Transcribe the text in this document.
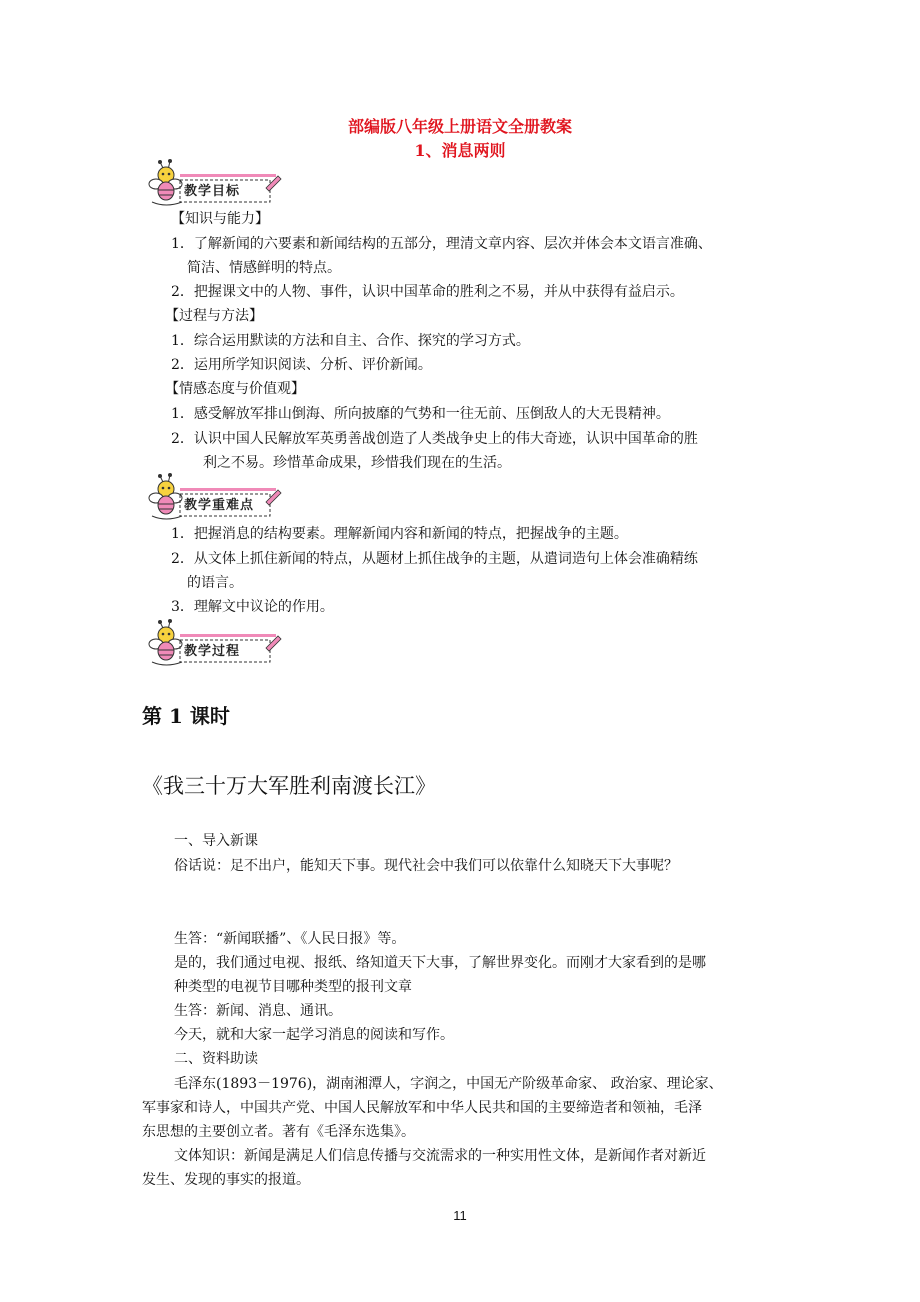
部编版八年级上册语文全册教案
1、消息两则
教学目标
【知识与能力】
1．了解新闻的六要素和新闻结构的五部分，理清文章内容、层次并体会本文语言准确、
简洁、情感鲜明的特点。
2．把握课文中的人物、事件，认识中国革命的胜利之不易，并从中获得有益启示。
【过程与方法】
1．综合运用默读的方法和自主、合作、探究的学习方式。
2．运用所学知识阅读、分析、评价新闻。
【情感态度与价值观】
1．感受解放军排山倒海、所向披靡的气势和一往无前、压倒敌人的大无畏精神。
2．认识中国人民解放军英勇善战创造了人类战争史上的伟大奇迹，认识中国革命的胜
利之不易。珍惜革命成果，珍惜我们现在的生活。
教学重难点
1．把握消息的结构要素。理解新闻内容和新闻的特点，把握战争的主题。
2．从文体上抓住新闻的特点，从题材上抓住战争的主题，从遣词造句上体会准确精练
的语言。
3．理解文中议论的作用。
教学过程
第 1 课时
《我三十万大军胜利南渡长江》
一、导入新课
俗话说：足不出户，能知天下事。现代社会中我们可以依靠什么知晓天下大事呢？
生答：“新闻联播”、《人民日报》等。
是的，我们通过电视、报纸、络知道天下大事，了解世界变化。而刚才大家看到的是哪
种类型的电视节目哪种类型的报刊文章
生答：新闻、消息、通讯。
今天，就和大家一起学习消息的阅读和写作。
二、资料助读
毛泽东(1893－1976)，湖南湘潭人，字润之，中国无产阶级革命家、 政治家、理论家、
军事家和诗人，中国共产党、中国人民解放军和中华人民共和国的主要缔造者和领袖，毛泽
东思想的主要创立者。著有《毛泽东选集》。
文体知识：新闻是满足人们信息传播与交流需求的一种实用性文体，是新闻作者对新近
发生、发现的事实的报道。
11
